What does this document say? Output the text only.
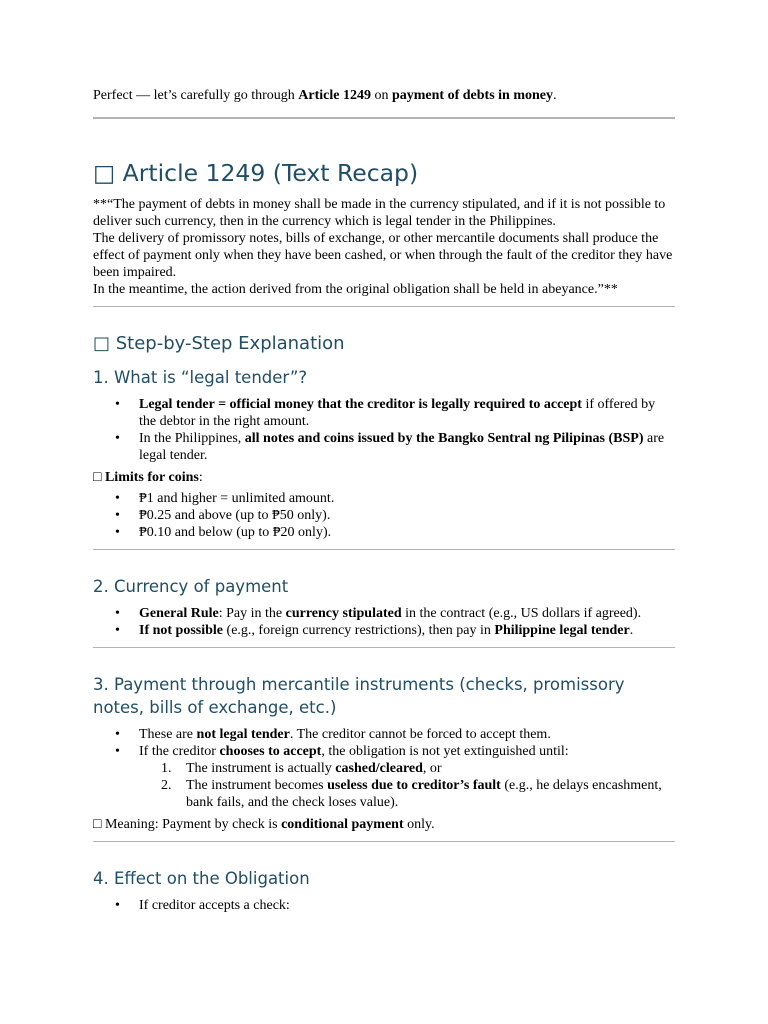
Perfect — let’s carefully go through Article 1249 on payment of debts in money.

□ Article 1249 (Text Recap)

**“The payment of debts in money shall be made in the currency stipulated, and if it is not possible to deliver such currency, then in the currency which is legal tender in the Philippines.

The delivery of promissory notes, bills of exchange, or other mercantile documents shall produce the effect of payment only when they have been cashed, or when through the fault of the creditor they have been impaired.

In the meantime, the action derived from the original obligation shall be held in abeyance.”**

□ Step-by-Step Explanation
1. What is “legal tender”?
• Legal tender = official money that the creditor is legally required to accept if offered by the debtor in the right amount.
• In the Philippines, all notes and coins issued by the Bangko Sentral ng Pilipinas (BSP) are legal tender.

□ Limits for coins:

• ₱1 and higher = unlimited amount.
• ₱0.25 and above (up to ₱50 only).
• ₱0.10 and below (up to ₱20 only).
2. Currency of payment
• General Rule: Pay in the currency stipulated in the contract (e.g., US dollars if agreed).
• If not possible (e.g., foreign currency restrictions), then pay in Philippine legal tender.
3. Payment through mercantile instruments (checks, promissory notes, bills of exchange, etc.)
• These are not legal tender. The creditor cannot be forced to accept them.
• If the creditor chooses to accept, the obligation is not yet extinguished until:
1. The instrument is actually cashed/cleared, or
2. The instrument becomes useless due to creditor’s fault (e.g., he delays encashment, bank fails, and the check loses value).

□ Meaning: Payment by check is conditional payment only.

4. Effect on the Obligation
• If creditor accepts a check:
